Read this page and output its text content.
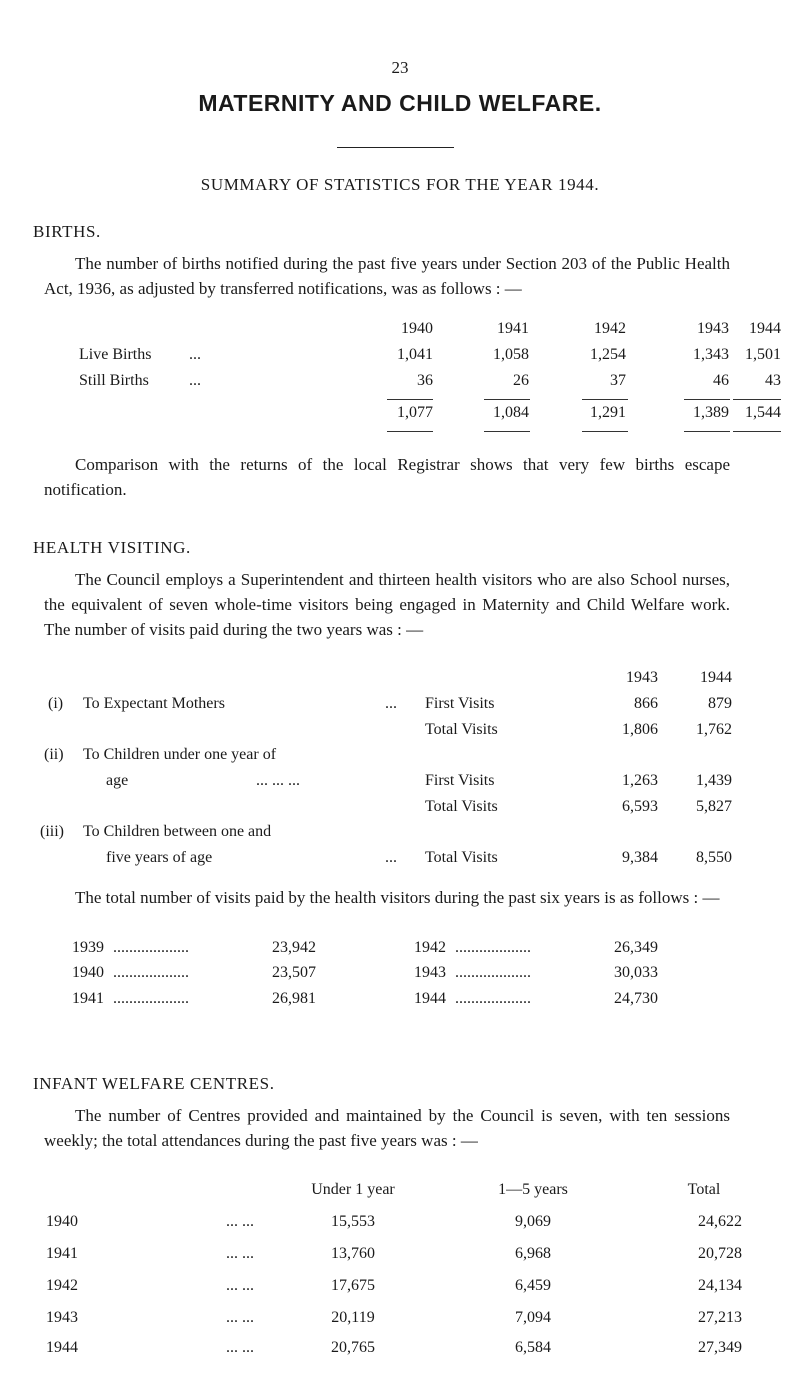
23
MATERNITY AND CHILD WELFARE.
SUMMARY OF STATISTICS FOR THE YEAR 1944.
BIRTHS.
The number of births notified during the past five years under Section 203 of the Public Health Act, 1936, as adjusted by transferred notifications, was as follows : —
1940	1941	1942	1943	1944
Live Births ...	1,041	1,058	1,254	1,343	1,501
Still Births	...	36	26	37	46	43
1,077	1,084	1,291	1,389	1,544
Comparison with the returns of the local Registrar shows that very few births escape notification.
HEALTH VISITING.
The Council employs a Superintendent and thirteen health visitors who are also School nurses, the equivalent of seven whole-time visitors being engaged in Maternity and Child Welfare work. The number of visits paid during the two years was : —
1943	1944
(i) To Expectant Mothers	... First Visits	866	879
Total Visits	1,806	1,762
(ii) To Children under one year of
age	... ... ...	First Visits	1,263	1,439
Total Visits	6,593	5,827
(iii) To Children between one and
five years of age	... Total Visits	9,384	8,550
The total number of visits paid by the health visitors during the past six years is as follows : —
1939 ...................	23,942
1940 ...................	23,507
1941 ...................	26,981
1942 ...................	26,349
1943 ...................	30,033
1944 ...................	24,730
INFANT WELFARE CENTRES.
The number of Centres provided and maintained by the Council is seven, with ten sessions weekly; the total attendances during the past five years was : —
Under 1 year	1—5 years	Total
1940	... ...	15,553	9,069	24,622
1941	... ...	13,760	6,968	20,728
1942	... ...	17,675	6,459	24,134
1943	... ...	20,119	7,094	27,213
1944	... ...	20,765	6,584	27,349
